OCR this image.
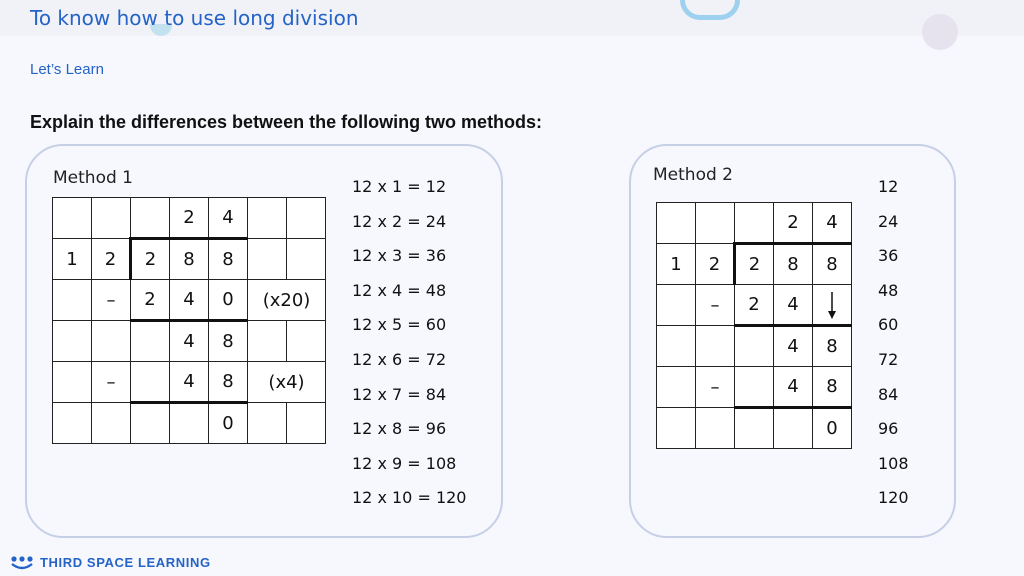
To know how to use long division
Let’s Learn
Explain the differences between the following two methods:
Method 1	Method 2
			2	4		
1	2	2	8	8		
	–	2	4	0	(x20)	
			4	8		
	–		4	8	(x4)	
				0		
12 x 1 = 12
12 x 2 = 24
12 x 3 = 36
12 x 4 = 48
12 x 5 = 60
12 x 6 = 72
12 x 7 = 84
12 x 8 = 96
12 x 9 = 108
12 x 10 = 120
			2	4
1	2	2	8	8
	–	2	4	

			4	8
	–		4	8
				0
12
24
36
48
60
72
84
96
108
120
THIRD SPACE LEARNING
